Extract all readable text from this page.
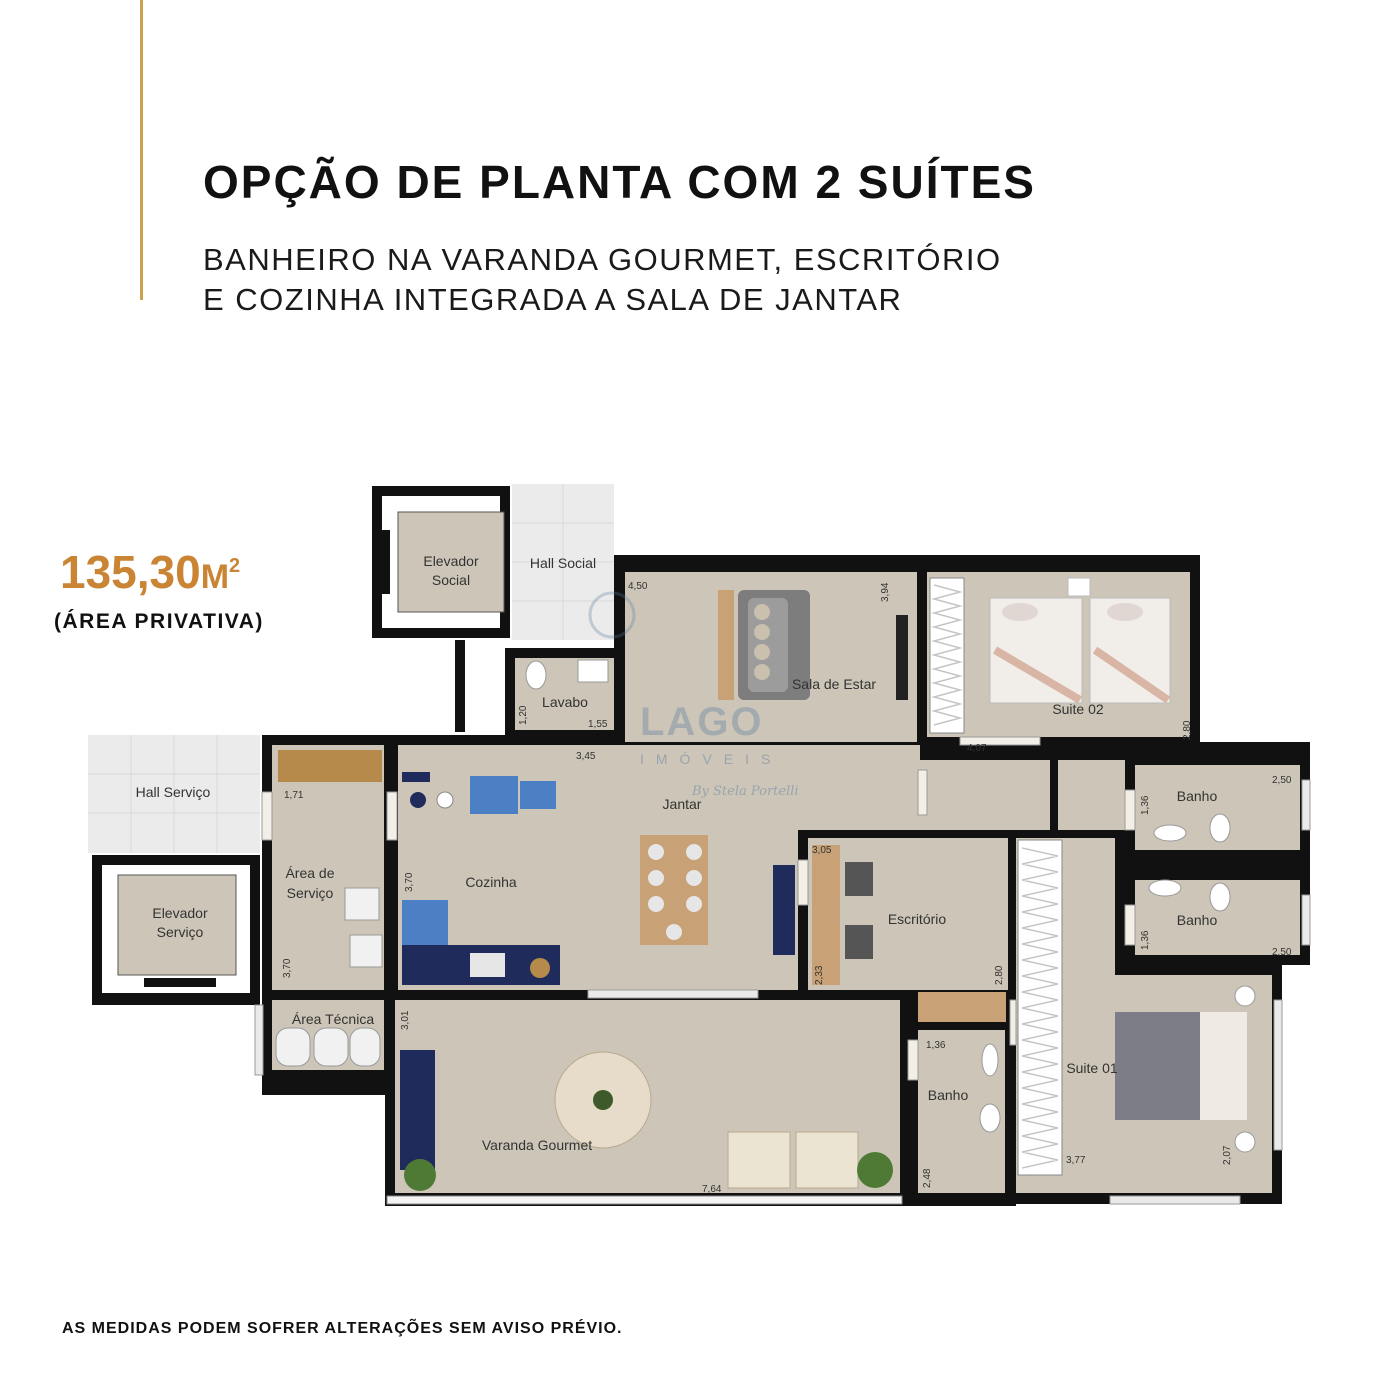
OPÇÃO DE PLANTA COM 2 SUÍTES
BANHEIRO NA VARANDA GOURMET, ESCRITÓRIO
E COZINHA INTEGRADA A SALA DE JANTAR
$135,30M^2$
(ÁREA PRIVATIVA)
LAGO
IMÓVEIS
By Stela Portelli
Elevador
Social
Hall Social
Lavabo
Sala de Estar
Suite 02
Hall Serviço
Área de
Serviço
Cozinha
Jantar
Escritório
Banho
Banho
Elevador
Serviço
Área Técnica
Varanda Gourmet
Banho
Suite 01
4,50	3,94
1,20	1,55
3,45
4,07
2,80
2,50
1,36
1,71
3,70
3,70
3,05
2,80
1,36
2,50
3,01
1,36
2,48
7,64
3,77	2,07
2,33
AS MEDIDAS PODEM SOFRER ALTERAÇÕES SEM AVISO PRÉVIO.
